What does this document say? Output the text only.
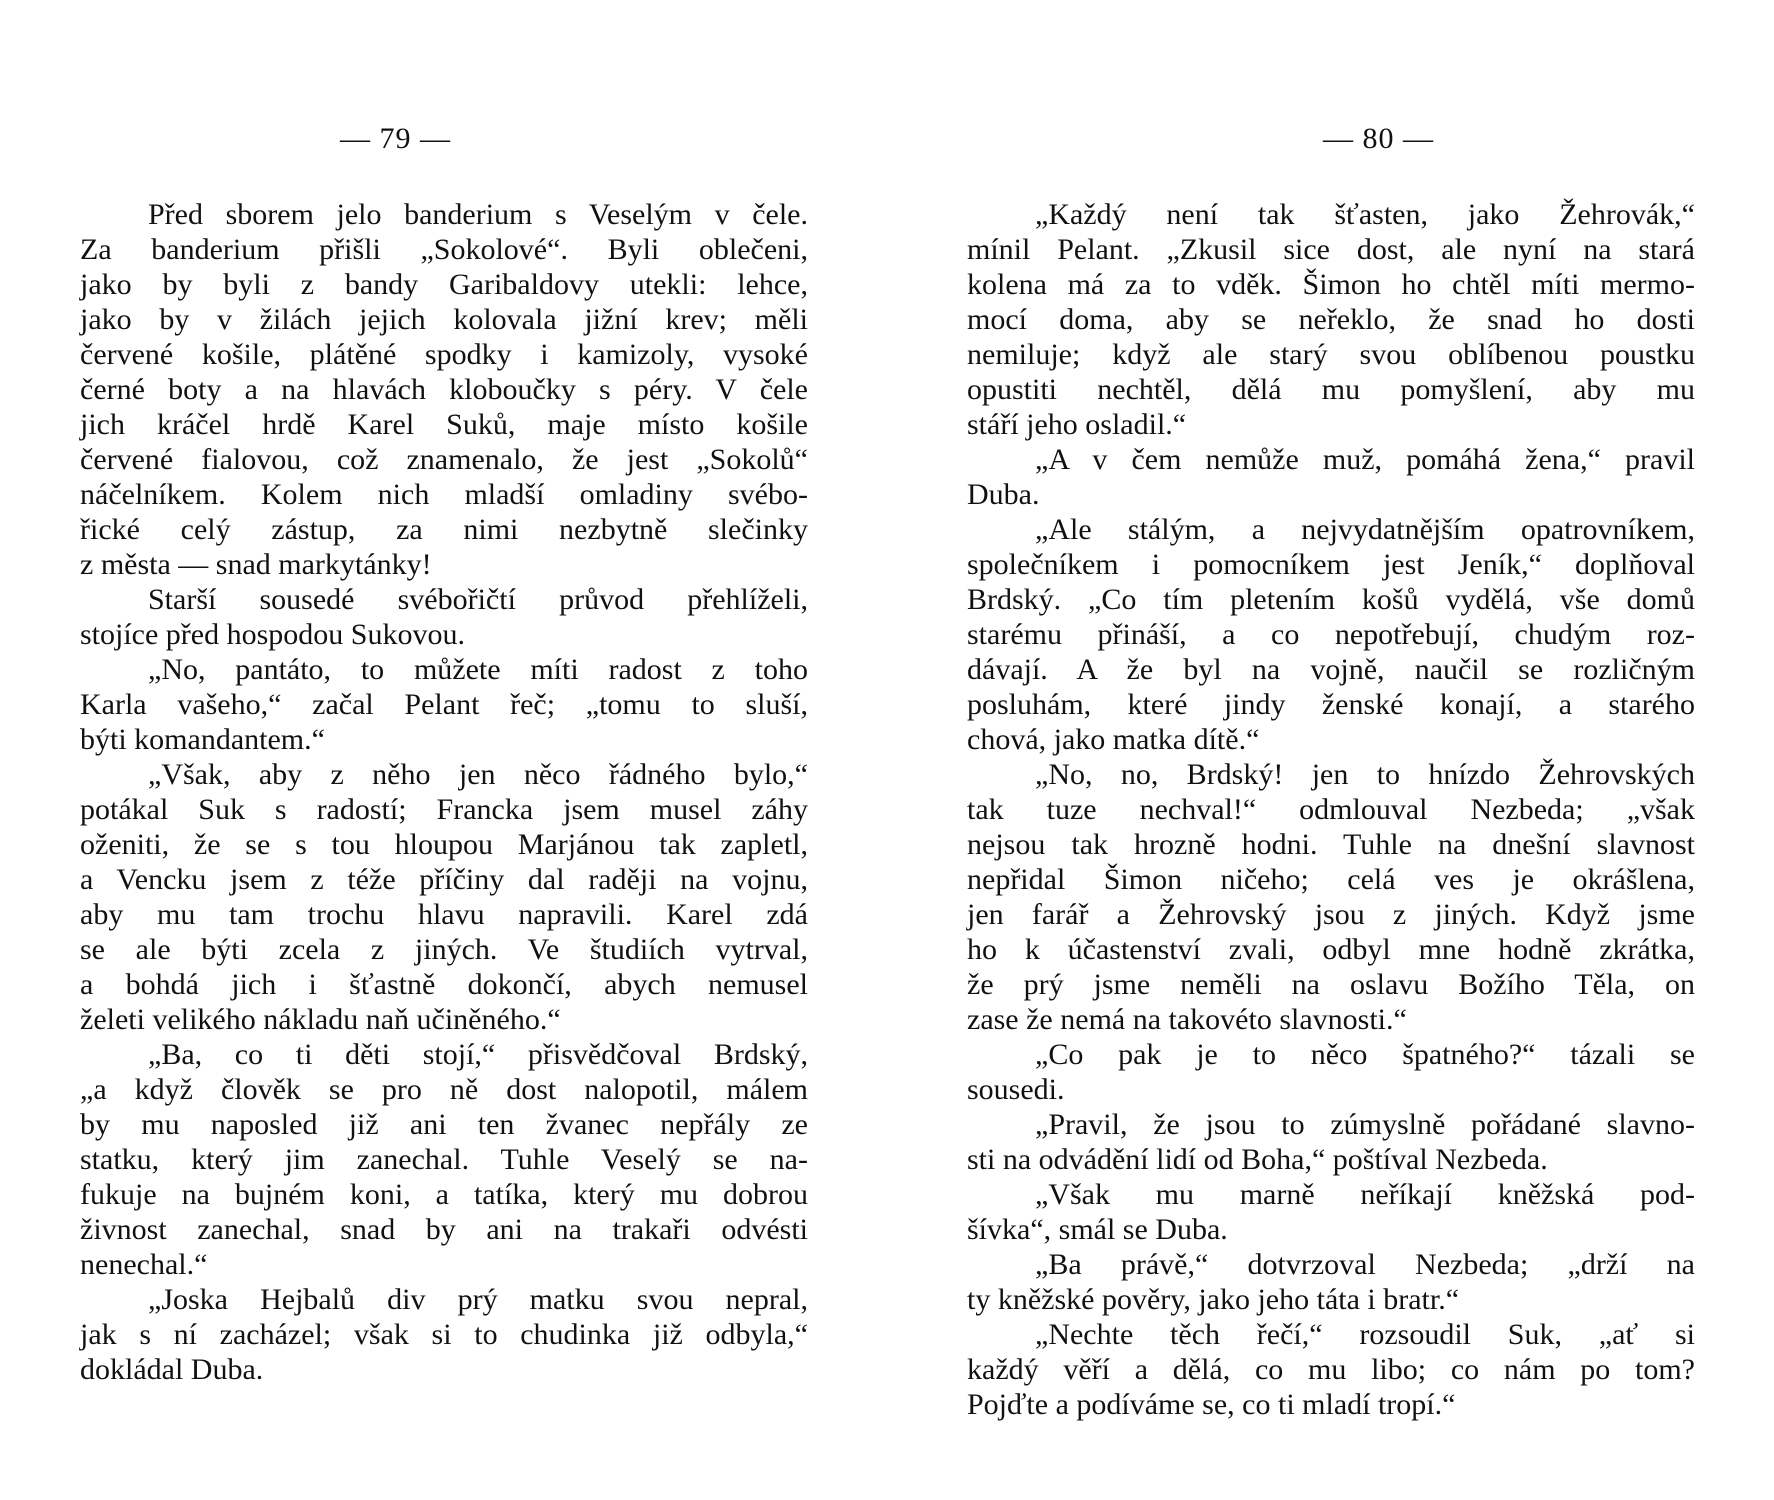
— 79 —
Před sborem jelo banderium s Veselým v čele.
Za banderium přišli „Sokolové“. Byli oblečeni,
jako by byli z bandy Garibaldovy utekli: lehce,
jako by v žilách jejich kolovala jižní krev; měli
červené košile, plátěné spodky i kamizoly, vysoké
černé boty a na hlavách kloboučky s péry. V čele
jich kráčel hrdě Karel Suků, maje místo košile
červené fialovou, což znamenalo, že jest „Sokolů“
náčelníkem. Kolem nich mladší omladiny svébo-
řické celý zástup, za nimi nezbytně slečinky
z města — snad markytánky!
Starší sousedé svébořičtí průvod přehlíželi,
stojíce před hospodou Sukovou.
„No, pantáto, to můžete míti radost z toho
Karla vašeho,“ začal Pelant řeč; „tomu to sluší,
býti komandantem.“
„Však, aby z něho jen něco řádného bylo,“
potákal Suk s radostí; Francka jsem musel záhy
oženiti, že se s tou hloupou Marjánou tak zapletl,
a Vencku jsem z téže příčiny dal raději na vojnu,
aby mu tam trochu hlavu napravili. Karel zdá
se ale býti zcela z jiných. Ve študiích vytrval,
a bohdá jich i šťastně dokončí, abych nemusel
želeti velikého nákladu naň učiněného.“
„Ba, co ti děti stojí,“ přisvědčoval Brdský,
„a když člověk se pro ně dost nalopotil, málem
by mu naposled již ani ten žvanec nepřály ze
statku, který jim zanechal. Tuhle Veselý se na-
fukuje na bujném koni, a tatíka, který mu dobrou
živnost zanechal, snad by ani na trakaři odvésti
nenechal.“
„Joska Hejbalů div prý matku svou nepral,
jak s ní zacházel; však si to chudinka již odbyla,“
dokládal Duba.
— 80 —
„Každý není tak šťasten, jako Žehrovák,“
mínil Pelant. „Zkusil sice dost, ale nyní na stará
kolena má za to vděk. Šimon ho chtěl míti mermo-
mocí doma, aby se neřeklo, že snad ho dosti
nemiluje; když ale starý svou oblíbenou poustku
opustiti nechtěl, dělá mu pomyšlení, aby mu
stáří jeho osladil.“
„A v čem nemůže muž, pomáhá žena,“ pravil
Duba.
„Ale stálým, a nejvydatnějším opatrovníkem,
společníkem i pomocníkem jest Jeník,“ doplňoval
Brdský. „Co tím pletením košů vydělá, vše domů
starému přináší, a co nepotřebují, chudým roz-
dávají. A že byl na vojně, naučil se rozličným
posluhám, které jindy ženské konají, a starého
chová, jako matka dítě.“
„No, no, Brdský! jen to hnízdo Žehrovských
tak tuze nechval!“ odmlouval Nezbeda; „však
nejsou tak hrozně hodni. Tuhle na dnešní slavnost
nepřidal Šimon ničeho; celá ves je okrášlena,
jen farář a Žehrovský jsou z jiných. Když jsme
ho k účastenství zvali, odbyl mne hodně zkrátka,
že prý jsme neměli na oslavu Božího Těla, on
zase že nemá na takovéto slavnosti.“
„Co pak je to něco špatného?“ tázali se
sousedi.
„Pravil, že jsou to zúmyslně pořádané slavno-
sti na odvádění lidí od Boha,“ poštíval Nezbeda.
„Však mu marně neříkají kněžská pod-
šívka“, smál se Duba.
„Ba právě,“ dotvrzoval Nezbeda; „drží na
ty kněžské pověry, jako jeho táta i bratr.“
„Nechte těch řečí,“ rozsoudil Suk, „ať si
každý věří a dělá, co mu libo; co nám po tom?
Pojďte a podíváme se, co ti mladí tropí.“
